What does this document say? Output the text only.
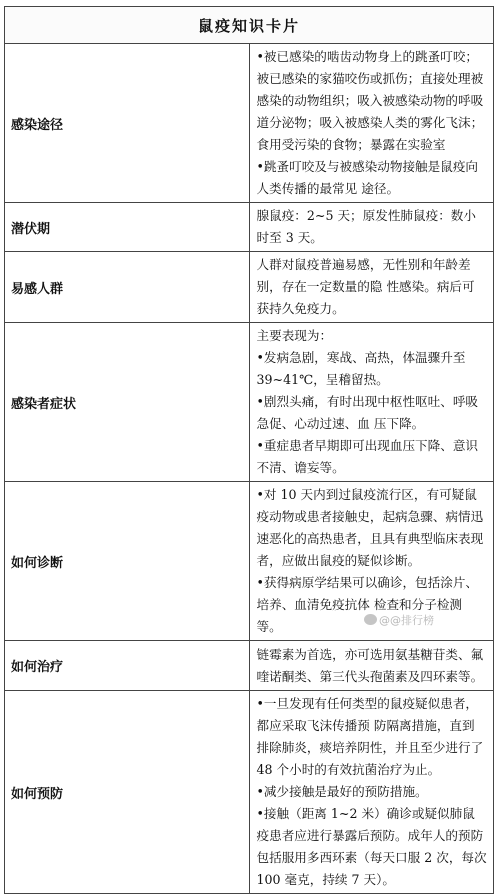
鼠疫知识卡片	
感染途径	•被已感染的啮齿动物身上的跳蚤叮咬；被已感染的家猫咬伤或抓伤；直接处理被感染的动物组织；吸入被感染动物的呼吸道分泌物；吸入被感染人类的雾化飞沫；食用受污染的食物；暴露在实验室

•跳蚤叮咬及与被感染动物接触是鼠疫向人类传播的最常见 途径。

潜伏期	腺鼠疫：2~5 天；原发性肺鼠疫：数小时至 3 天。

易感人群	人群对鼠疫普遍易感，无性别和年龄差别，存在一定数量的隐 性感染。病后可获持久免疫力。

感染者症状	主要表现为：

•发病急剧，寒战、高热，体温骤升至 39~41℃，呈稽留热。

•剧烈头痛，有时出现中枢性呕吐、呼吸急促、心动过速、血 压下降。

•重症患者早期即可出现血压下降、意识不清、谵妄等。

如何诊断	•对 10 天内到过鼠疫流行区，有可疑鼠疫动物或患者接触史，起病急骤、病情迅速恶化的高热患者，且具有典型临床表现者，应做出鼠疫的疑似诊断。

•获得病原学结果可以确诊，包括涂片、培养、血清免疫抗体 检查和分子检测等。

如何治疗	链霉素为首选，亦可选用氨基糖苷类、氟喹诺酮类、第三代头孢菌素及四环素等。

如何预防	•一旦发现有任何类型的鼠疫疑似患者，都应采取飞沫传播预 防隔离措施，直到排除肺炎，痰培养阴性，并且至少进行了 48 个小时的有效抗菌治疗为止。

•减少接触是最好的预防措施。

•接触（距离 1~2 米）确诊或疑似肺鼠疫患者应进行暴露后预防。成年人的预防包括服用多西环素（每天口服 2 次，每次100 毫克，持续 7 天）。

@@排行榜
